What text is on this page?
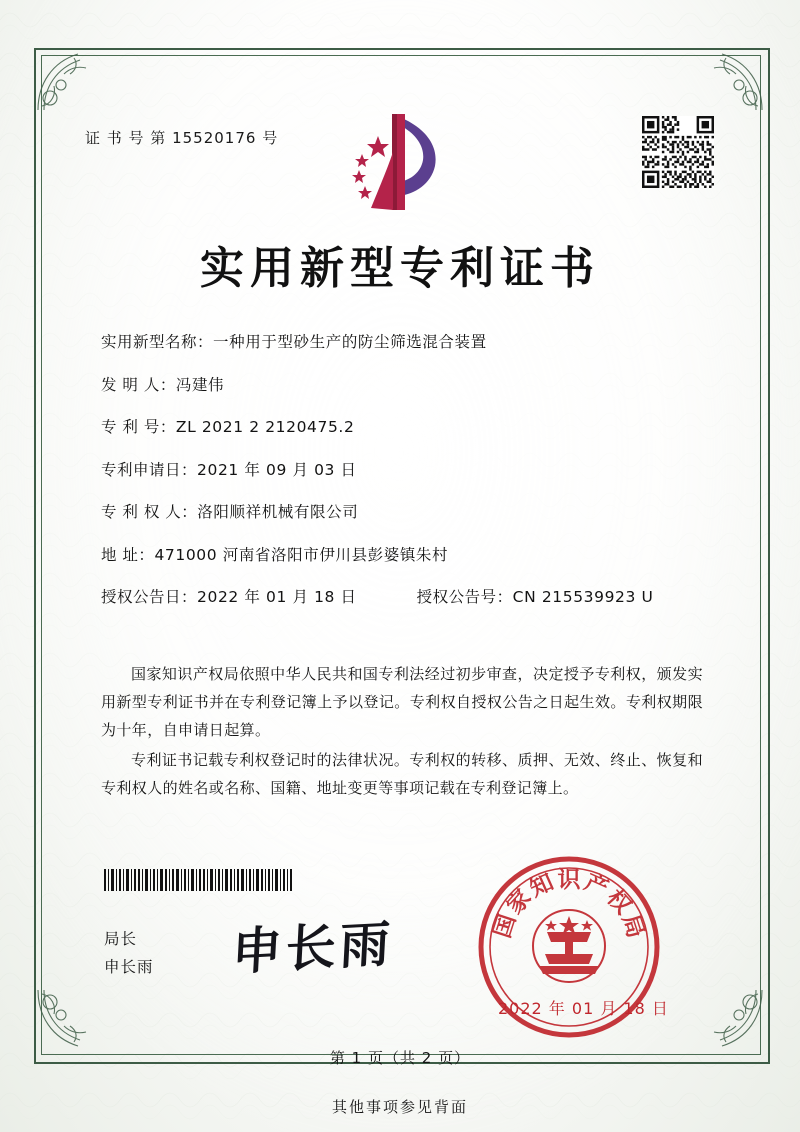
证 书 号 第 15520176 号
实用新型专利证书
实用新型名称： 一种用于型砂生产的防尘筛选混合装置
发 明 人： 冯建伟
专 利 号： ZL 2021 2 2120475.2
专利申请日： 2021 年 09 月 03 日
专 利 权 人： 洛阳顺祥机械有限公司
地 址： 471000 河南省洛阳市伊川县彭婆镇朱村
授权公告日： 2022 年 01 月 18 日	授权公告号： CN 215539923 U

国家知识产权局依照中华人民共和国专利法经过初步审查，决定授予专利权，颁发实用新型专利证书并在专利登记簿上予以登记。专利权自授权公告之日起生效。专利权期限为十年，自申请日起算。

专利证书记载专利权登记时的法律状况。专利权的转移、质押、无效、终止、恢复和专利权人的姓名或名称、国籍、地址变更等事项记载在专利登记簿上。

局长
申长雨 申长雨	国
家
知 识 产
权
局
2022 年 01 月 18 日
第 1 页（共 2 页）
其他事项参见背面
